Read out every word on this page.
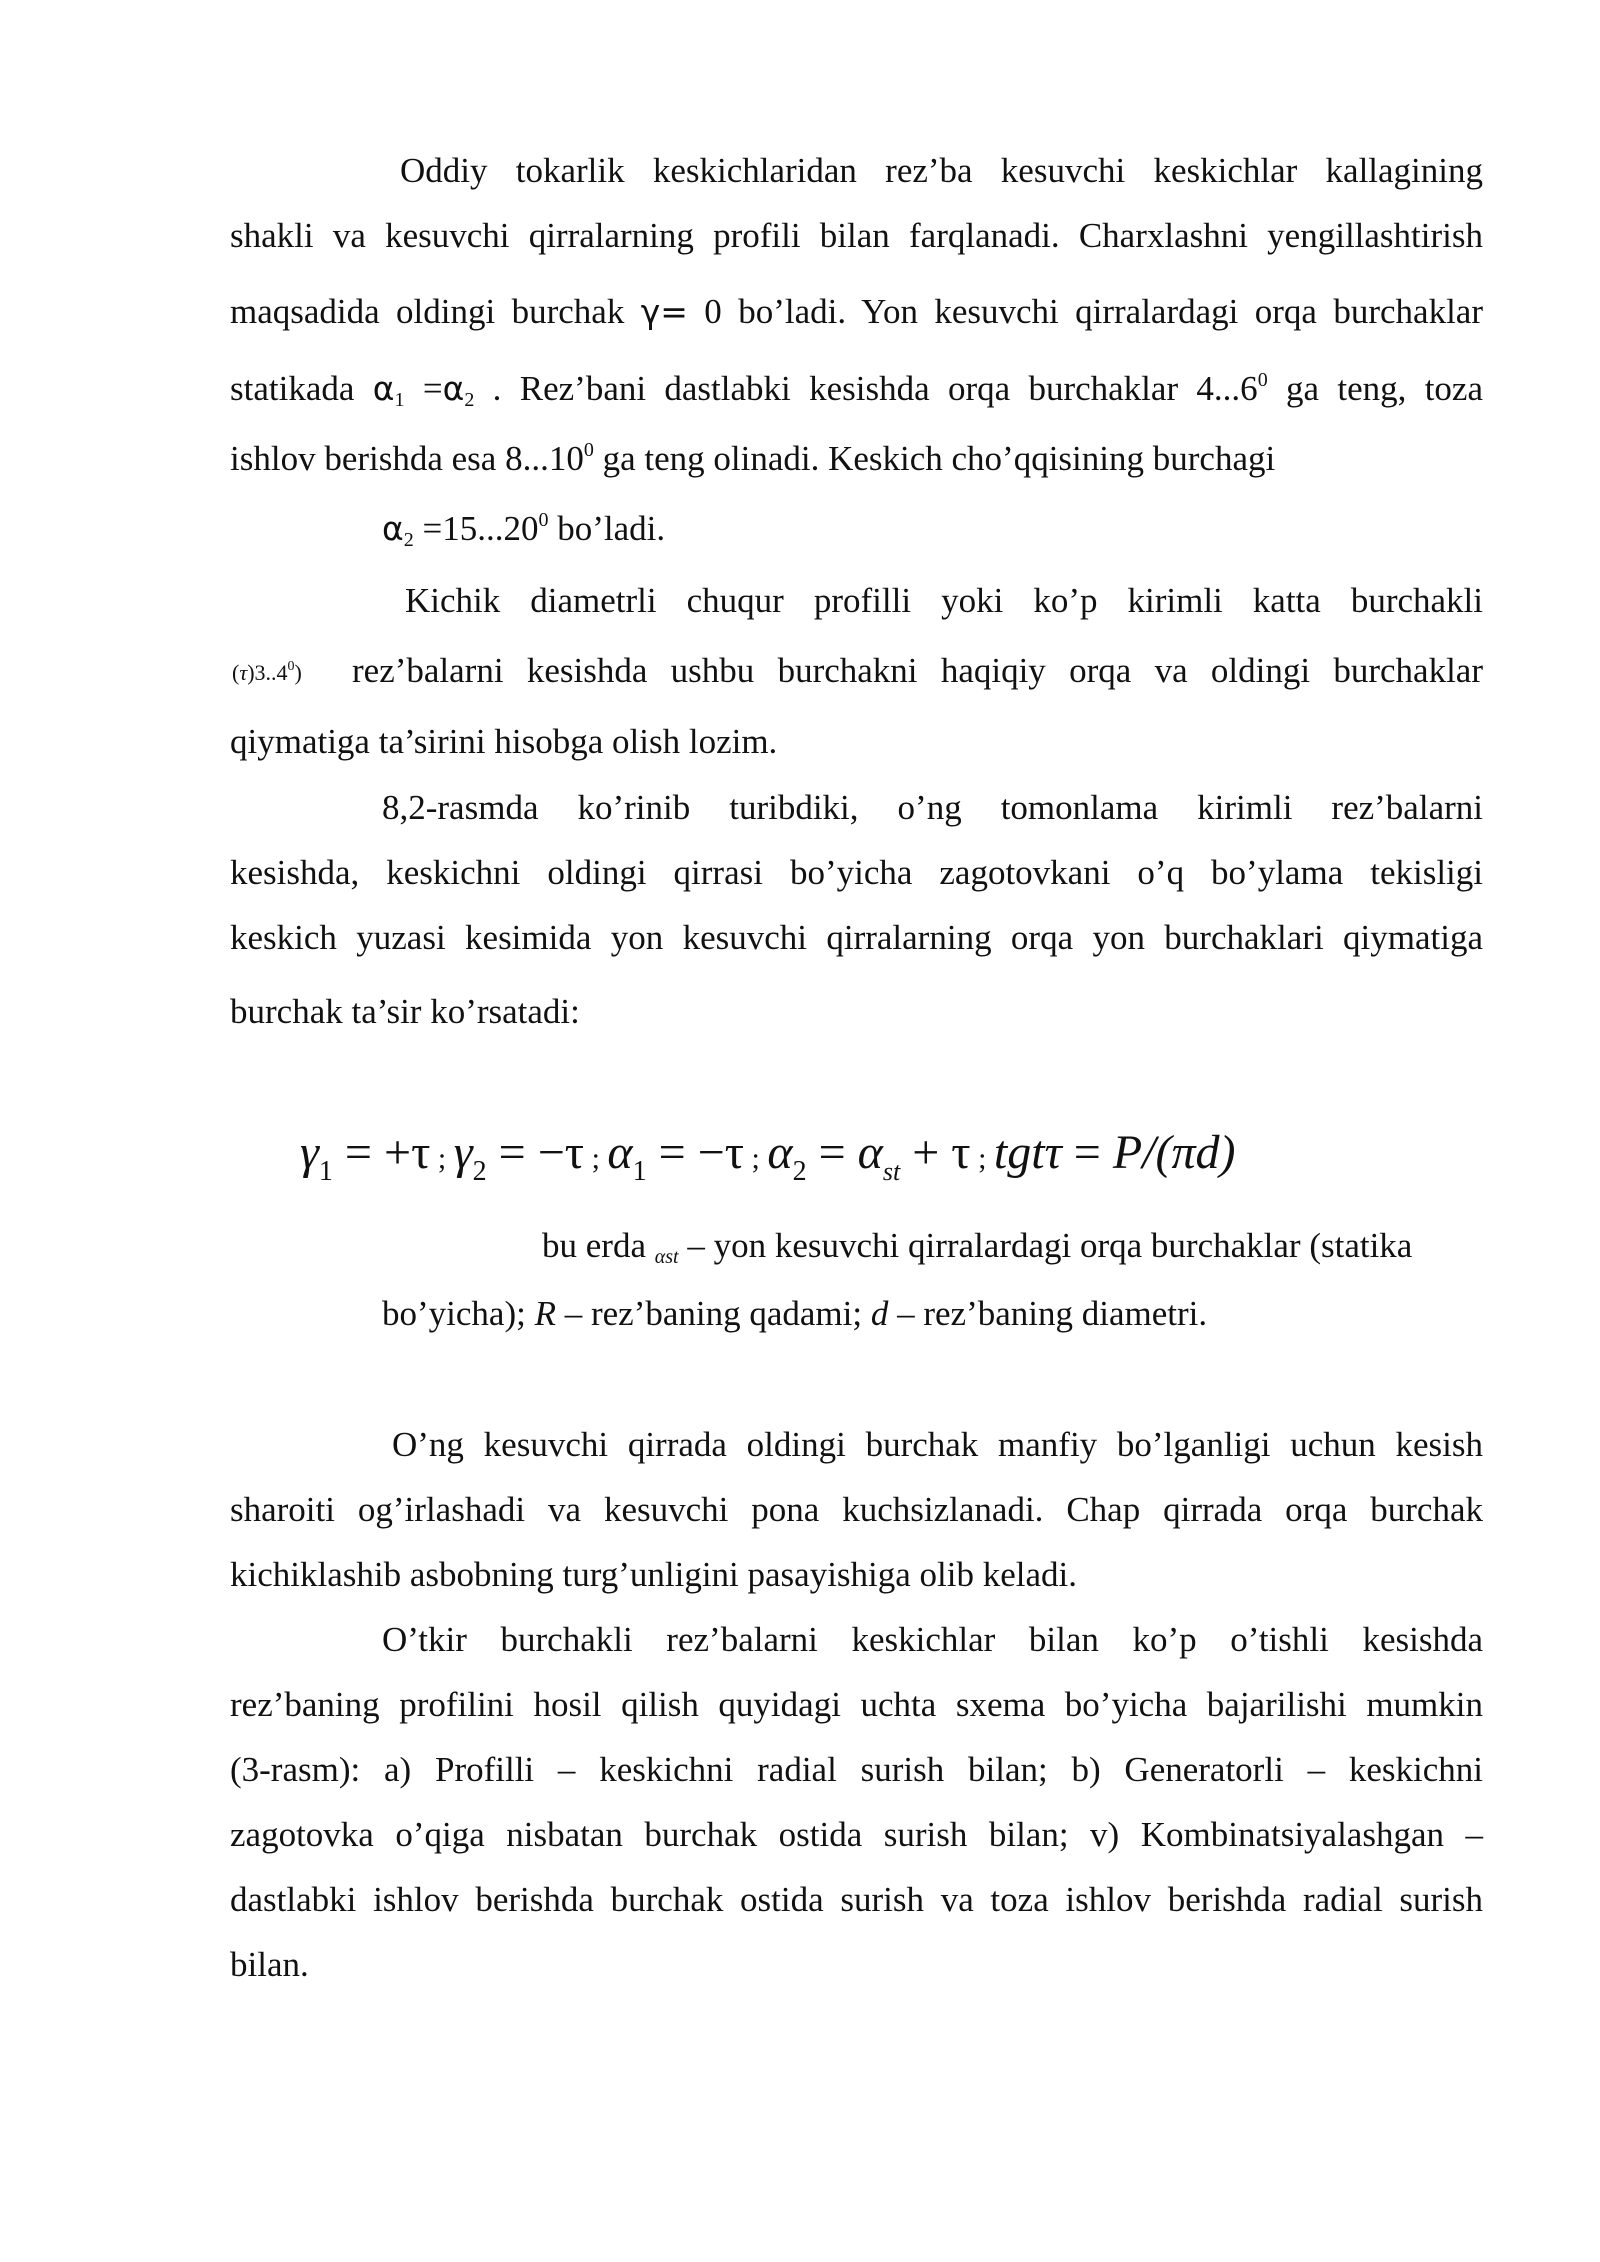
Oddiy tokarlik keskichlaridan rez’ba kesuvchi keskichlar kallagining
shakli va kesuvchi qirralarning profili bilan farqlanadi. Charxlashni yengillashtirish
maqsadida oldingi burchak γ= 0 bo’ladi. Yon kesuvchi qirralardagi orqa burchaklar
statikada α1 =α2 . Rez’bani dastlabki kesishda orqa burchaklar 4...6$^0$ ga teng, toza
ishlov berishda esa 8...10$^0$ ga teng olinadi. Keskich cho’qqisining burchagi
$\alpha 2 =15...20^0$ bo’ladi.
Kichik diametrli chuqur profilli yoki ko’p kirimli katta burchakli
(τ)3..4$^0$) rez’balarni kesishda ushbu burchakni haqiqiy orqa va oldingi burchaklar
qiymatiga ta’sirini hisobga olish lozim.
8,2-rasmda ko’rinib turibdiki, o’ng tomonlama kirimli rez’balarni
kesishda, keskichni oldingi qirrasi bo’yicha zagotovkani o’q bo’ylama tekisligi
keskich yuzasi kesimida yon kesuvchi qirralarning orqa yon burchaklari qiymatiga
burchak ta’sir ko’rsatadi:
$\gamma_1 = +\tau$ ; $\gamma_2 = -\tau$ ; $\alpha_1 = -\tau$ ; $\alpha_2 = \alpha_{st} + \tau$ ; tgtτ = P/(πd)
bu erda αst – yon kesuvchi qirralardagi orqa burchaklar (statika
bo’yicha); R – rez’baning qadami; d – rez’baning diametri.
O’ng kesuvchi qirrada oldingi burchak manfiy bo’lganligi uchun kesish
sharoiti og’irlashadi va kesuvchi pona kuchsizlanadi. Chap qirrada orqa burchak
kichiklashib asbobning turg’unligini pasayishiga olib keladi.
O’tkir burchakli rez’balarni keskichlar bilan ko’p o’tishli kesishda
rez’baning profilini hosil qilish quyidagi uchta sxema bo’yicha bajarilishi mumkin
(3-rasm): a) Profilli – keskichni radial surish bilan; b) Generatorli – keskichni
zagotovka o’qiga nisbatan burchak ostida surish bilan; v) Kombinatsiyalashgan –
dastlabki ishlov berishda burchak ostida surish va toza ishlov berishda radial surish
bilan.
